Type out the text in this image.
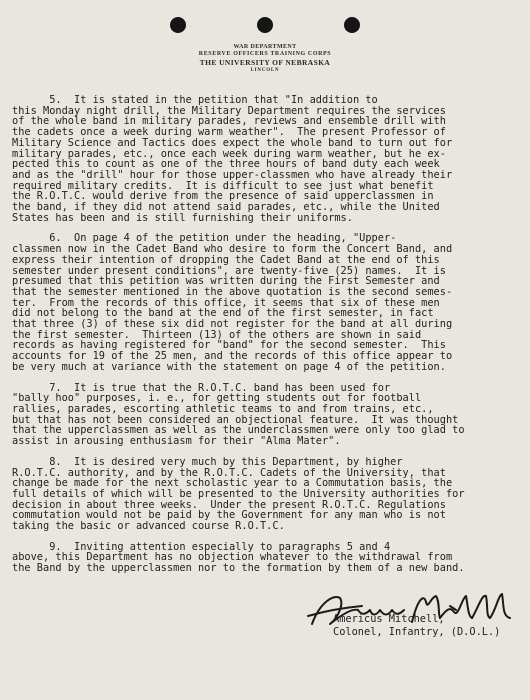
WAR DEPARTMENT
RESERVE OFFICERS TRAINING CORPS
THE UNIVERSITY OF NEBRASKA
LINCOLN

5.  It is stated in the petition that "In addition to
this Monday night drill, the Military Department requires the services
of the whole band in military parades, reviews and ensemble drill with
the cadets once a week during warm weather".  The present Professor of
Military Science and Tactics does expect the whole band to turn out for
military parades, etc., once each week during warm weather, but he ex-
pected this to count as one of the three hours of band duty each week
and as the "drill" hour for those upper-classmen who have already their
required military credits.  It is difficult to see just what benefit
the R.O.T.C. would derive from the presence of said upperclassmen in
the band, if they did not attend said parades, etc., while the United
States has been and is still furnishing their uniforms.

6.  On page 4 of the petition under the heading, "Upper-
classmen now in the Cadet Band who desire to form the Concert Band, and
express their intention of dropping the Cadet Band at the end of this
semester under present conditions", are twenty-five (25) names.  It is
presumed that this petition was written during the First Semester and
that the semester mentioned in the above quotation is the second semes-
ter.  From the records of this office, it seems that six of these men
did not belong to the band at the end of the first semester, in fact
that three (3) of these six did not register for the band at all during
the first semester.  Thirteen (13) of the others are shown in said
records as having registered for "band" for the second semester.  This
accounts for 19 of the 25 men, and the records of this office appear to
be very much at variance with the statement on page 4 of the petition.

7.  It is true that the R.O.T.C. band has been used for
"bally hoo" purposes, i. e., for getting students out for football
rallies, parades, escorting athletic teams to and from trains, etc.,
but that has not been considered an objectional feature.  It was thought
that the upperclassmen as well as the underclassmen were only too glad to
assist in arousing enthusiasm for their "Alma Mater".

8.  It is desired very much by this Department, by higher
R.O.T.C. authority, and by the R.O.T.C. Cadets of the University, that
change be made for the next scholastic year to a Commutation basis, the
full details of which will be presented to the University authorities for
decision in about three weeks.  Under the present R.O.T.C. Regulations
commutation would not be paid by the Government for any man who is not
taking the basic or advanced course R.O.T.C.

9.  Inviting attention especially to paragraphs 5 and 4
above, this Department has no objection whatever to the withdrawal from
the Band by the upperclassmen nor to the formation by them of a new band.

Americus Mitchell,
Colonel, Infantry, (D.O.L.)
